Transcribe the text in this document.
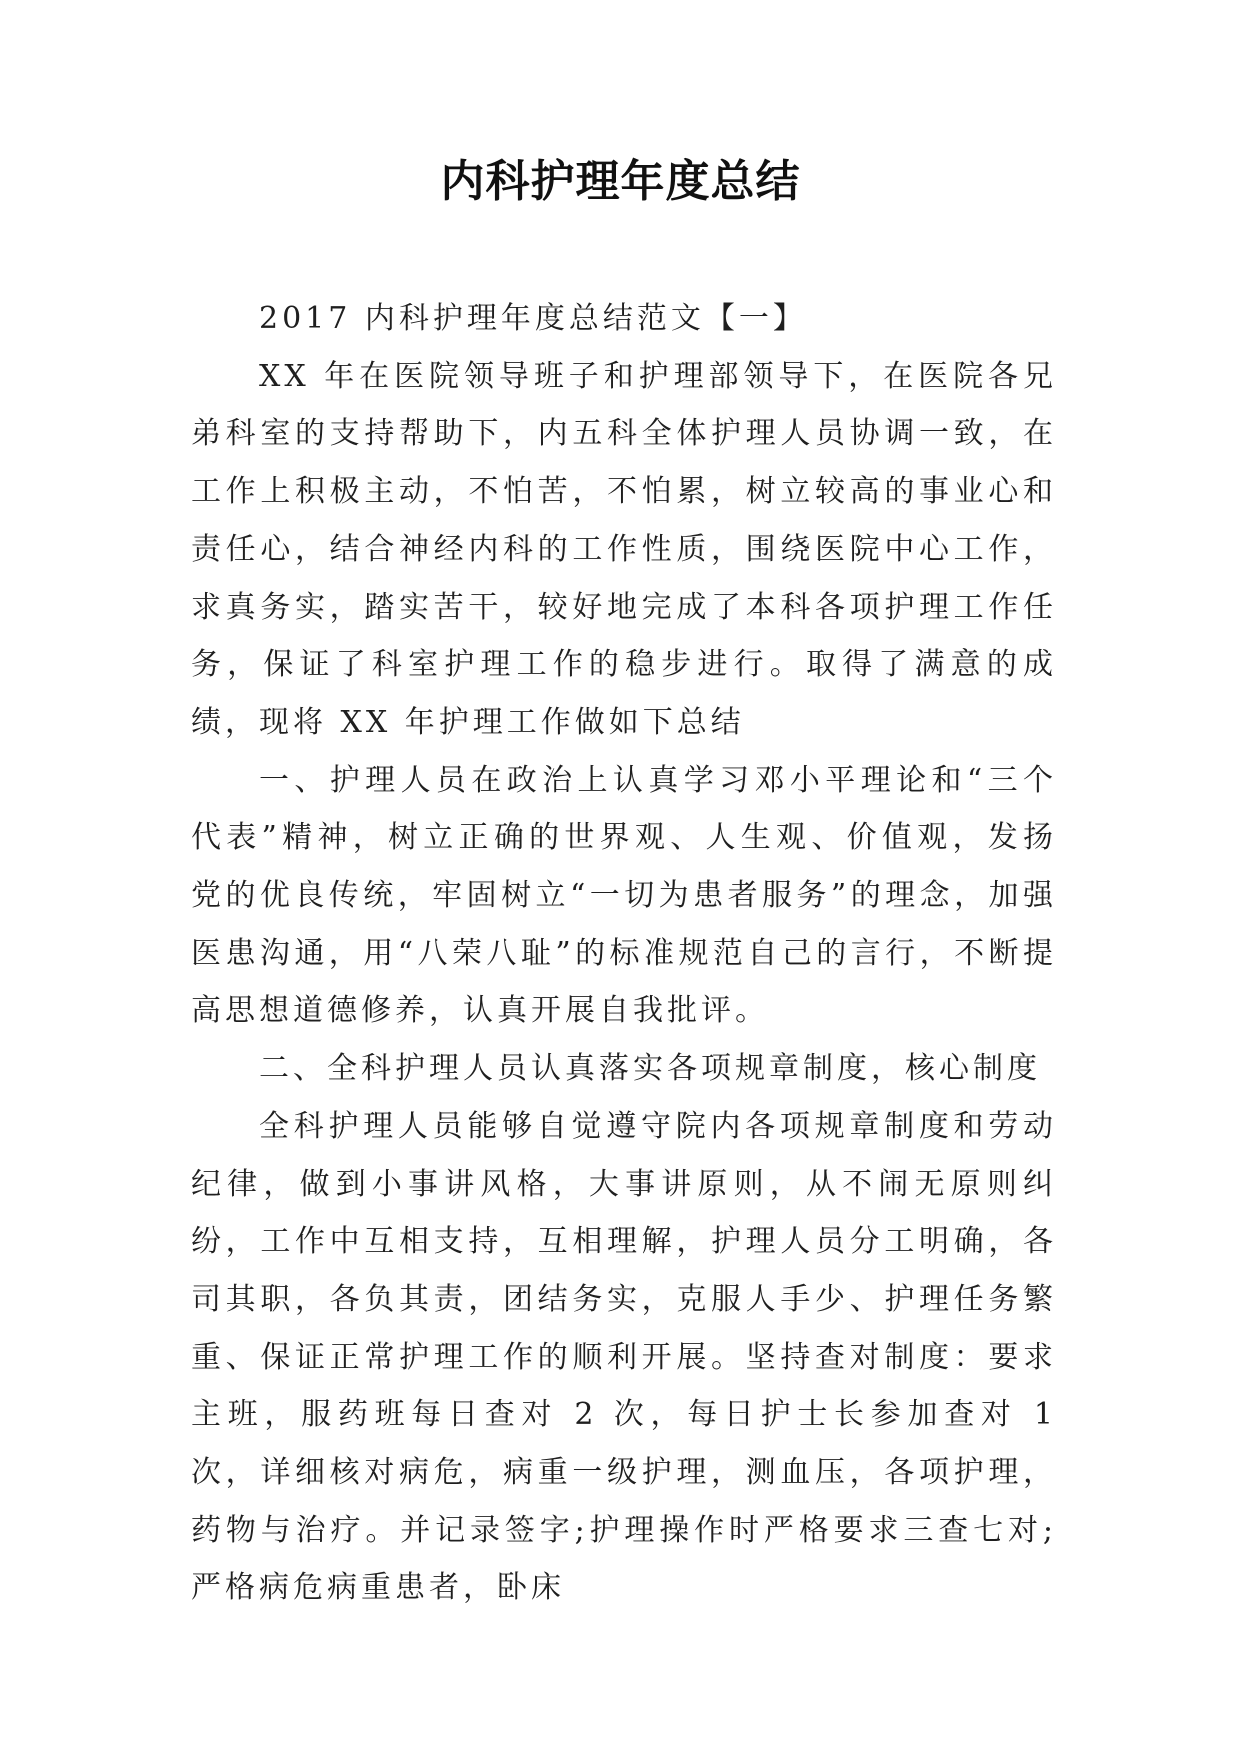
内科护理年度总结

2017 内科护理年度总结范文【一】

XX 年在医院领导班子和护理部领导下，在医院各兄弟科室的支持帮助下，内五科全体护理人员协调一致，在工作上积极主动，不怕苦，不怕累，树立较高的事业心和责任心，结合神经内科的工作性质，围绕医院中心工作，求真务实，踏实苦干，较好地完成了本科各项护理工作任务，保证了科室护理工作的稳步进行。取得了满意的成绩，现将 XX 年护理工作做如下总结

一、护理人员在政治上认真学习邓小平理论和“三个代表”精神，树立正确的世界观、人生观、价值观，发扬党的优良传统，牢固树立“一切为患者服务”的理念，加强医患沟通，用“八荣八耻”的标准规范自己的言行，不断提高思想道德修养，认真开展自我批评。

二、全科护理人员认真落实各项规章制度，核心制度

全科护理人员能够自觉遵守院内各项规章制度和劳动纪律，做到小事讲风格，大事讲原则，从不闹无原则纠纷，工作中互相支持，互相理解，护理人员分工明确，各司其职，各负其责，团结务实，克服人手少、护理任务繁重、保证正常护理工作的顺利开展。坚持查对制度：要求主班，服药班每日查对 2 次，每日护士长参加查对 1 次，详细核对病危，病重一级护理，测血压，各项护理，药物与治疗。并记录签字;护理操作时严格要求三查七对;严格病危病重患者，卧床
